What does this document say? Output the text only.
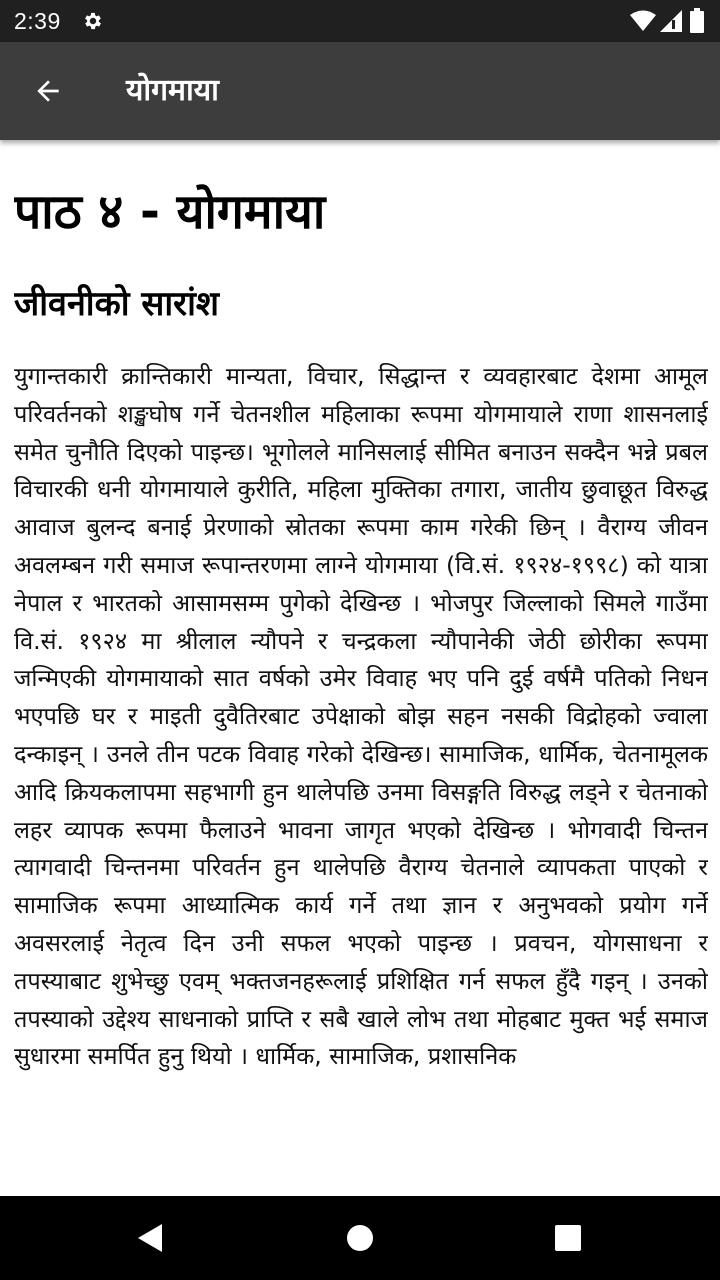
2:39
योगमाया
पाठ ४ - योगमाया
जीवनीको सारांश

युगान्तकारी क्रान्तिकारी मान्यता, विचार, सिद्धान्त र व्यवहारबाट देशमा आमूल परिवर्तनको शङ्खघोष गर्ने चेतनशील महिलाका रूपमा योगमायाले राणा शासनलाई समेत चुनौति दिएको पाइन्छ। भूगोलले मानिसलाई सीमित बनाउन सक्दैन भन्ने प्रबल विचारकी धनी योगमायाले कुरीति, महिला मुक्तिका तगारा, जातीय छुवाछूत विरुद्ध आवाज बुलन्द बनाई प्रेरणाको स्रोतका रूपमा काम गरेकी छिन् । वैराग्य जीवन अवलम्बन गरी समाज रूपान्तरणमा लाग्ने योगमाया (वि.सं. १९२४-१९९८) को यात्रा नेपाल र भारतको आसामसम्म पुगेको देखिन्छ । भोजपुर जिल्लाको सिमले गाउँमा वि.सं. १९२४ मा श्रीलाल न्यौपने र चन्द्रकला न्यौपानेकी जेठी छोरीका रूपमा जन्मिएकी योगमायाको सात वर्षको उमेर विवाह भए पनि दुई वर्षमै पतिको निधन भएपछि घर र माइती दुवैतिरबाट उपेक्षाको बोझ सहन नसकी विद्रोहको ज्वाला दन्काइन् । उनले तीन पटक विवाह गरेको देखिन्छ। सामाजिक, धार्मिक, चेतनामूलक आदि क्रियकलापमा सहभागी हुन थालेपछि उनमा विसङ्गति विरुद्ध लड्ने र चेतनाको लहर व्यापक रूपमा फैलाउने भावना जागृत भएको देखिन्छ । भोगवादी चिन्तन त्यागवादी चिन्तनमा परिवर्तन हुन थालेपछि वैराग्य चेतनाले व्यापकता पाएको र सामाजिक रूपमा आध्यात्मिक कार्य गर्ने तथा ज्ञान र अनुभवको प्रयोग गर्ने अवसरलाई नेतृत्व दिन उनी सफल भएको पाइन्छ । प्रवचन, योगसाधना र तपस्याबाट शुभेच्छु एवम् भक्तजनहरूलाई प्रशिक्षित गर्न सफल हुँदै गइन् । उनको तपस्याको उद्देश्य साधनाको प्राप्ति र सबै खाले लोभ तथा मोहबाट मुक्त भई समाज सुधारमा समर्पित हुनु थियो । धार्मिक, सामाजिक, प्रशासनिक
